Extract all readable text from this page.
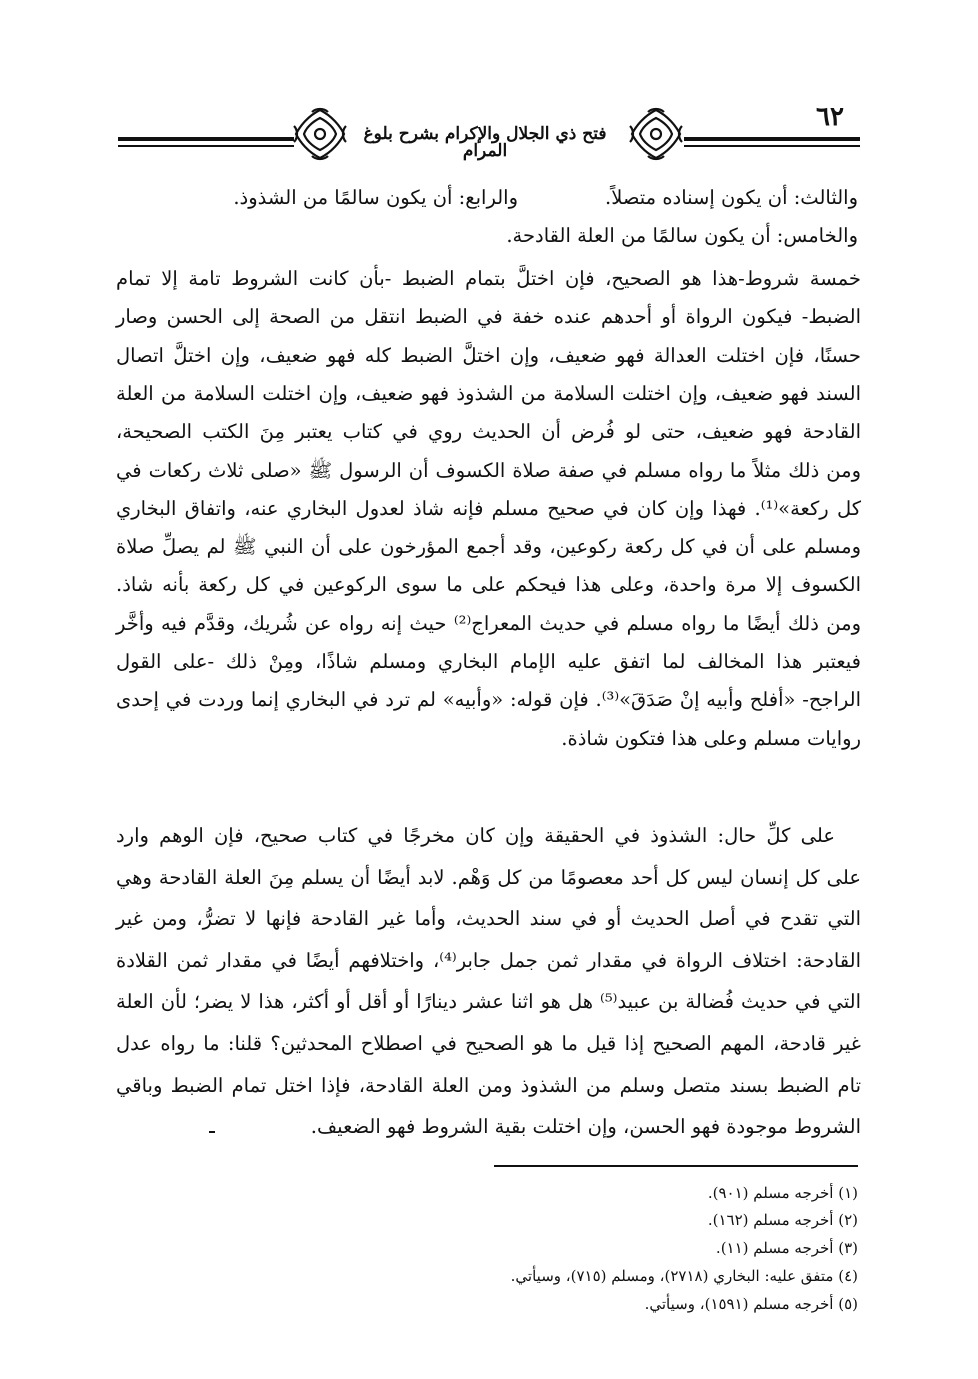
فتح ذي الجلال والإكرام بشرح بلوغ المرام
٦٢
والثالث: أن يكون إسناده متصلاً.
والرابع: أن يكون سالمًا من الشذوذ.
والخامس: أن يكون سالمًا من العلة القادحة.
خمسة شروط-هذا هو الصحيح، فإن اختلَّ بتمام الضبط -بأن كانت الشروط تامة إلا تمام
الضبط- فيكون الرواة أو أحدهم عنده خفة في الضبط انتقل من الصحة إلى الحسن وصار
حسنًا، فإن اختلت العدالة فهو ضعيف، وإن اختلَّ الضبط كله فهو ضعيف، وإن اختلَّ اتصال
السند فهو ضعيف، وإن اختلت السلامة من الشذوذ فهو ضعيف، وإن اختلت السلامة من العلة
القادحة فهو ضعيف، حتى لو فُرض أن الحديث روي في كتاب يعتبر مِنَ الكتب الصحيحة،
ومن ذلك مثلاً ما رواه مسلم في صفة صلاة الكسوف أن الرسول ﷺ «صلى ثلاث ركعات في
كل ركعة»⁽¹⁾. فهذا وإن كان في صحيح مسلم فإنه شاذ لعدول البخاري عنه، واتفاق البخاري
ومسلم على أن في كل ركعة ركوعين، وقد أجمع المؤرخون على أن النبي ﷺ لم يصلِّ صلاة
الكسوف إلا مرة واحدة، وعلى هذا فيحكم على ما سوى الركوعين في كل ركعة بأنه شاذ.
ومن ذلك أيضًا ما رواه مسلم في حديث المعراج⁽²⁾ حيث إنه رواه عن شُريك، وقدَّم فيه وأخَّر
فيعتبر هذا المخالف لما اتفق عليه الإمام البخاري ومسلم شاذًا، ومِنْ ذلك -على القول
الراجح- «أفلح وأبيه إنْ صَدَقَ»⁽³⁾. فإن قوله: «وأبيه» لم ترد في البخاري إنما وردت في إحدى
روايات مسلم وعلى هذا فتكون شاذة.
على كلِّ حال: الشذوذ في الحقيقة وإن كان مخرجًا في كتاب صحيح، فإن الوهم وارد
على كل إنسان ليس كل أحد معصومًا من كل وَهْم. لابد أيضًا أن يسلم مِنَ العلة القادحة وهي
التي تقدح في أصل الحديث أو في سند الحديث، وأما غير القادحة فإنها لا تضرُّ، ومن غير
القادحة: اختلاف الرواة في مقدار ثمن جمل جابر⁽⁴⁾، واختلافهم أيضًا في مقدار ثمن القلادة
التي في حديث فُضالة بن عبيد⁽⁵⁾ هل هو اثنا عشر دينارًا أو أقل أو أكثر، هذا لا يضر؛ لأن العلة
غير قادحة، المهم الصحيح إذا قيل ما هو الصحيح في اصطلاح المحدثين؟ قلنا: ما رواه عدل
تام الضبط بسند متصل وسلم من الشذوذ ومن العلة القادحة، فإذا اختل تمام الضبط وباقي
الشروط موجودة فهو الحسن، وإن اختلت بقية الشروط فهو الضعيف.
(١) أخرجه مسلم (٩٠١).
(٢) أخرجه مسلم (١٦٢).
(٣) أخرجه مسلم (١١).
(٤) متفق عليه: البخاري (٢٧١٨)، ومسلم (٧١٥)، وسيأتي.
(٥) أخرجه مسلم (١٥٩١)، وسيأتي.
